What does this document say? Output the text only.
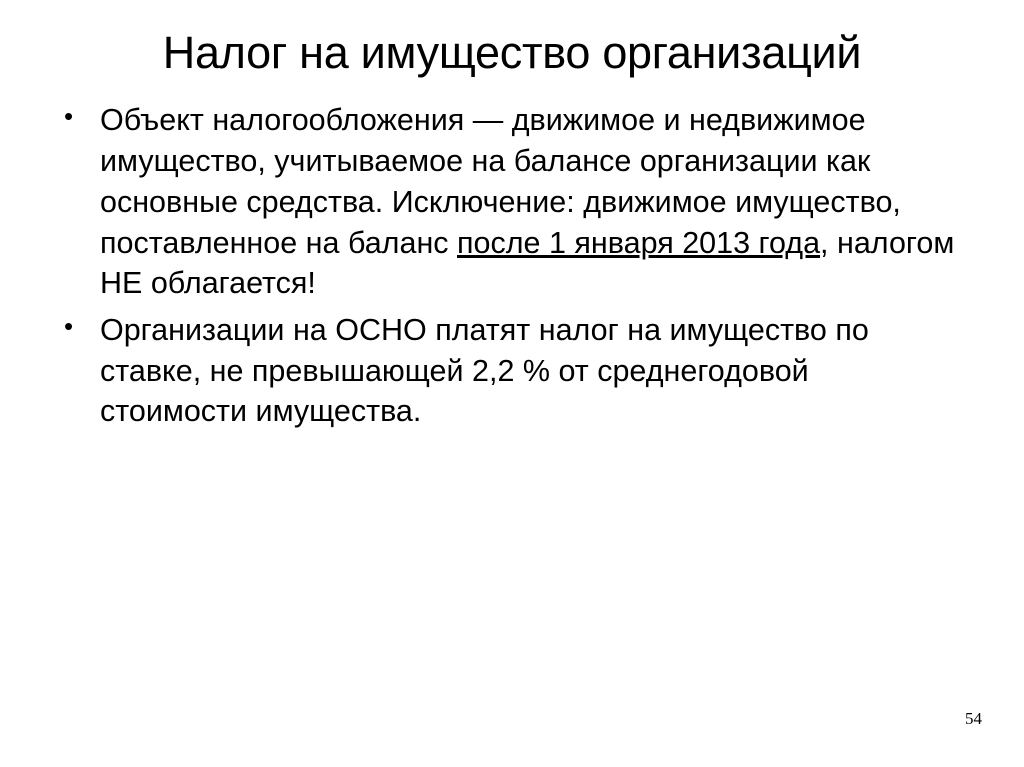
Налог на имущество организаций
• Объект налогообложения — движимое и недвижимое имущество, учитываемое на балансе организации как основные средства. Исключение: движимое имущество, поставленное на баланс после 1 января 2013 года, налогом НЕ облагается!
• Организации на ОСНО платят налог на имущество по ставке, не превышающей 2,2 % от среднегодовой стоимости имущества.
54
